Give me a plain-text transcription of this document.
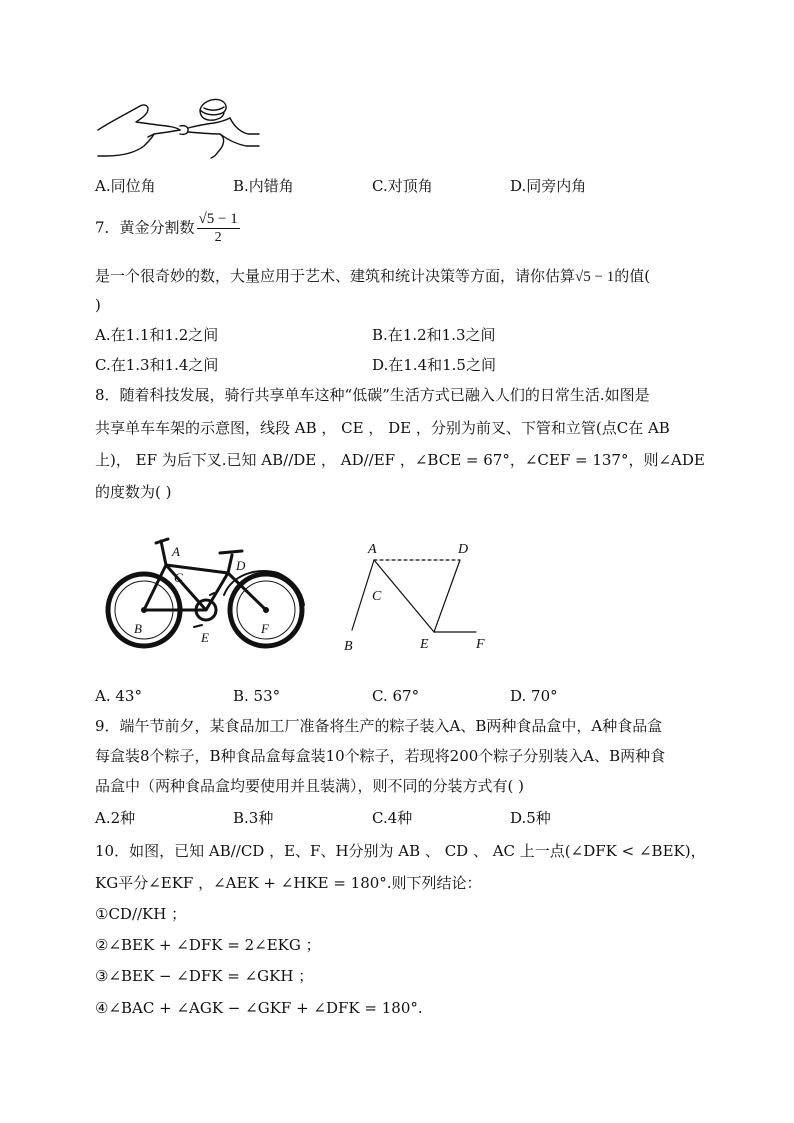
A.同位角	B.内错角	C.对顶角	D.同旁内角
7．黄金分割数 $\frac{√5 - 1}{2}$
是一个很奇妙的数，大量应用于艺术、建筑和统计决策等方面，请你估算√5 − 1的值(
)
A.在1.1和1.2之间	B.在1.2和1.3之间
C.在1.3和1.4之间	D.在1.4和1.5之间
8．随着科技发展，骑行共享单车这种“低碳”生活方式已融入人们的日常生活.如图是
共享单车车架的示意图，线段 AB ， CE ， DE ，分别为前叉、下管和立管(点C在 AB
上)， EF 为后下叉.已知 AB//DE ， AD//EF ，∠BCE = 67°，∠CEF = 137°，则∠ADE
的度数为( )
A
C
D
B
E
F
A	D
C
B	E	F
A. 43°	B. 53°	C. 67°	D. 70°
9．端午节前夕，某食品加工厂准备将生产的粽子装入A、B两种食品盒中，A种食品盒
每盒装8个粽子，B种食品盒每盒装10个粽子，若现将200个粽子分别装入A、B两种食
品盒中（两种食品盒均要使用并且装满），则不同的分装方式有( )
A.2种	B.3种	C.4种	D.5种
10．如图，已知 AB//CD ，E、F、H分别为 AB 、 CD 、 AC 上一点(∠DFK < ∠BEK)，
KG平分∠EKF ，∠AEK + ∠HKE = 180°.则下列结论：
①CD//KH ；
②∠BEK + ∠DFK = 2∠EKG ；
③∠BEK − ∠DFK = ∠GKH ；
④∠BAC + ∠AGK − ∠GKF + ∠DFK = 180°.
